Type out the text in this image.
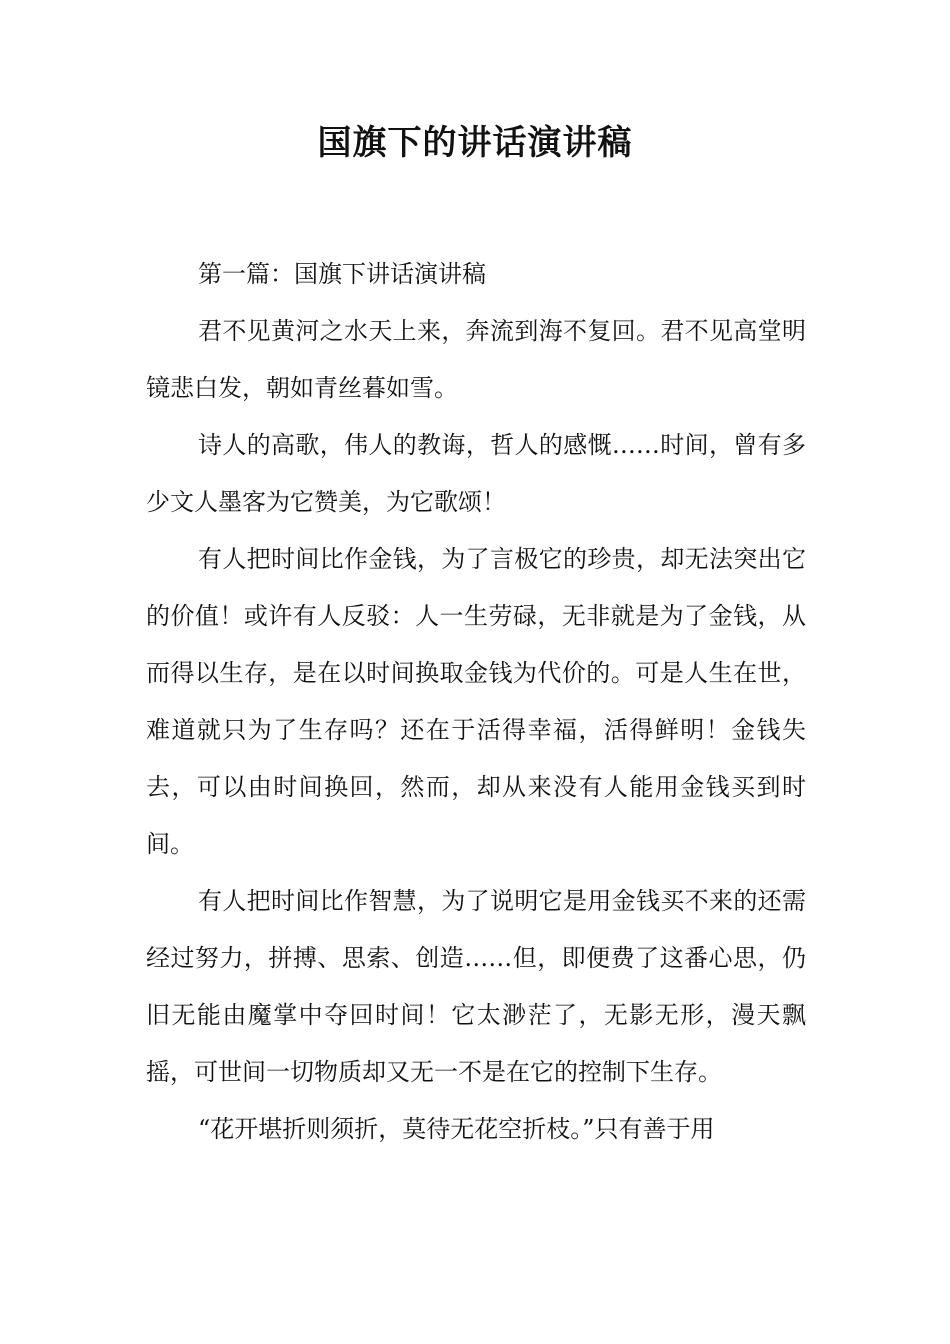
国旗下的讲话演讲稿

第一篇：国旗下讲话演讲稿

君不见黄河之水天上来，奔流到海不复回。君不见高堂明镜悲白发，朝如青丝暮如雪。

诗人的高歌，伟人的教诲，哲人的感慨……时间，曾有多少文人墨客为它赞美，为它歌颂！

有人把时间比作金钱，为了言极它的珍贵，却无法突出它的价值！或许有人反驳：人一生劳碌，无非就是为了金钱，从而得以生存，是在以时间换取金钱为代价的。可是人生在世，难道就只为了生存吗？还在于活得幸福，活得鲜明！金钱失去，可以由时间换回，然而，却从来没有人能用金钱买到时间。

有人把时间比作智慧，为了说明它是用金钱买不来的还需经过努力，拼搏、思索、创造……但，即便费了这番心思，仍旧无能由魔掌中夺回时间！它太渺茫了，无影无形，漫天飘摇，可世间一切物质却又无一不是在它的控制下生存。

“花开堪折则须折，莫待无花空折枝。”只有善于用
